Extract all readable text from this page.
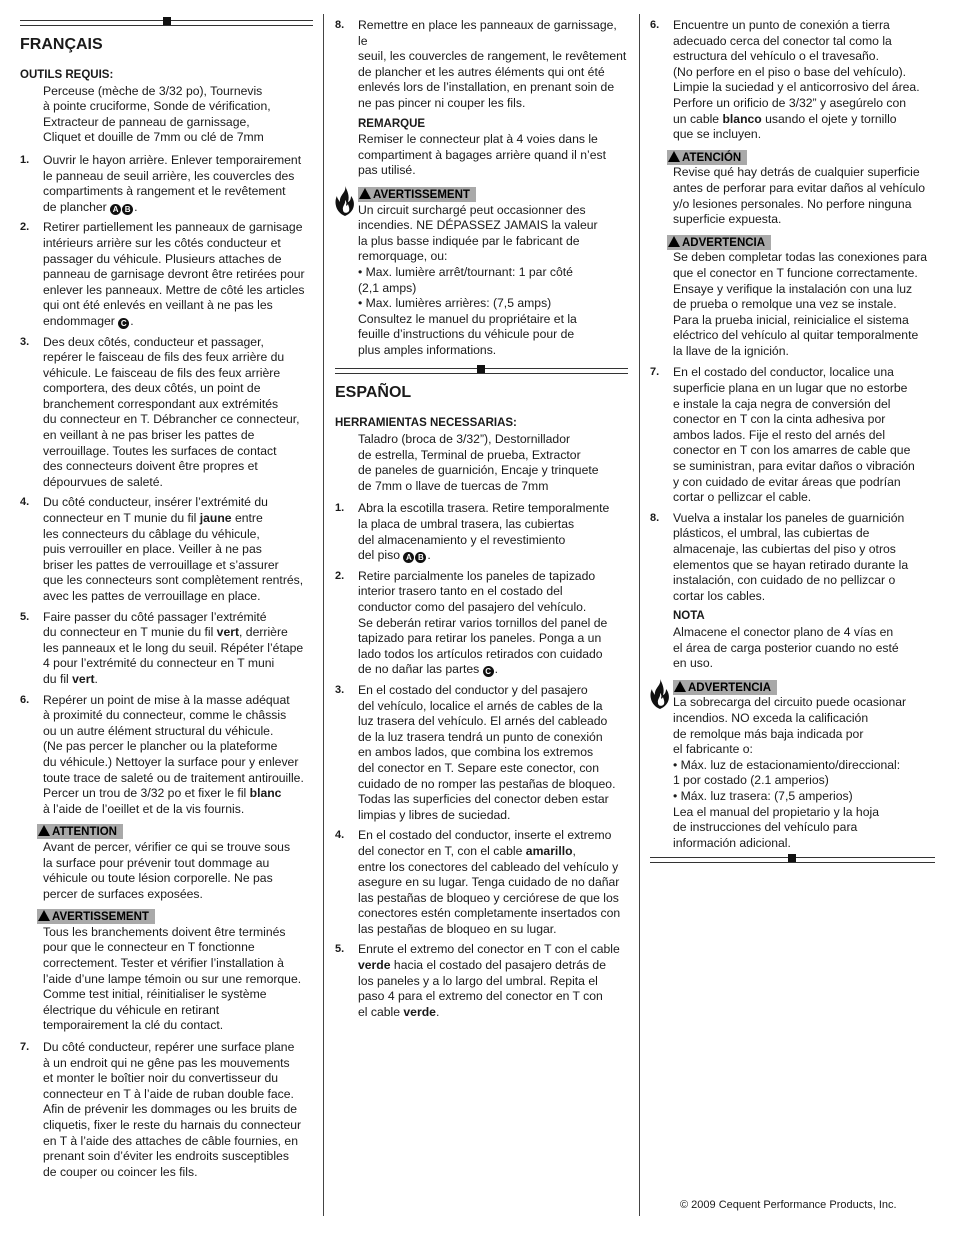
FRANÇAIS
OUTILS REQUIS:
Perceuse (mèche de 3/32 po), Tournevis
à pointe cruciforme, Sonde de vérification,
Extracteur de panneau de garnissage,
Cliquet et douille de 7mm ou clé de 7mm
1. Ouvrir le hayon arrière. Enlever temporairement
le panneau de seuil arrière, les couvercles des
compartiments à rangement et le revêtement
de plancher A B .
2. Retirer partiellement les panneaux de garnisage
intérieurs arrière sur les côtés conducteur et
passager du véhicule. Plusieurs attaches de
panneau de garnisage devront être retirées pour
enlever les panneaux. Mettre de côté les articles
qui ont été enlevés en veillant à ne pas les
endommager C .
3. Des deux côtés, conducteur et passager,
repérer le faisceau de fils des feux arrière du
véhicule. Le faisceau de fils des feux arrière
comportera, des deux côtés, un point de
branchement correspondant aux extrémités
du connecteur en T. Débrancher ce connecteur,
en veillant à ne pas briser les pattes de
verrouillage. Toutes les surfaces de contact
des connecteurs doivent être propres et
dépourvues de saleté.
4. Du côté conducteur, insérer l’extrémité du
connecteur en T munie du fil jaune entre
les connecteurs du câblage du véhicule,
puis verrouiller en place. Veiller à ne pas
briser les pattes de verrouillage et s’assurer
que les connecteurs sont complètement rentrés,
avec les pattes de verrouillage en place.
5. Faire passer du côté passager l’extrémité
du connecteur en T munie du fil vert, derrière
les panneaux et le long du seuil. Répéter l’étape
4 pour l’extrémité du connecteur en T muni
du fil vert.
6. Repérer un point de mise à la masse adéquat
à proximité du connecteur, comme le châssis
ou un autre élément structural du véhicule.
(Ne pas percer le plancher ou la plateforme
du véhicule.) Nettoyer la surface pour y enlever
toute trace de saleté ou de traitement antirouille.
Percer un trou de 3/32 po et fixer le fil blanc
à l’aide de l’oeillet et de la vis fournis.
ATTENTION
Avant de percer, vérifier ce qui se trouve sous
la surface pour prévenir tout dommage au
véhicule ou toute lésion corporelle. Ne pas
percer de surfaces exposées.
AVERTISSEMENT
Tous les branchements doivent être terminés
pour que le connecteur en T fonctionne
correctement. Tester et vérifier l’installation à
l’aide d’une lampe témoin ou sur une remorque.
Comme test initial, réinitialiser le système
électrique du véhicule en retirant
temporairement la clé du contact.
7. Du côté conducteur, repérer une surface plane
à un endroit qui ne gêne pas les mouvements
et monter le boîtier noir du convertisseur du
connecteur en T à l’aide de ruban double face.
Afin de prévenir les dommages ou les bruits de
cliquetis, fixer le reste du harnais du connecteur
en T à l’aide des attaches de câble fournies, en
prenant soin d’éviter les endroits susceptibles
de couper ou coincer les fils.
8. Remettre en place les panneaux de garnissage, le
seuil, les couvercles de rangement, le revêtement
de plancher et les autres éléments qui ont été
enlevés lors de l’installation, en prenant soin de
ne pas pincer ni couper les fils.
REMARQUE
Remiser le connecteur plat à 4 voies dans le
compartiment à bagages arrière quand il n’est
pas utilisé.
AVERTISSEMENT
Un circuit surchargé peut occasionner des
incendies. NE DÉPASSEZ JAMAIS la valeur
la plus basse indiquée par le fabricant de
remorquage, ou:
• Max. lumière arrêt/tournant: 1 par côté
(2,1 amps)
• Max. lumières arrières: (7,5 amps)
Consultez le manuel du propriétaire et la
feuille d’instructions du véhicule pour de
plus amples informations.
ESPAÑOL
HERRAMIENTAS NECESSARIAS:
Taladro (broca de 3/32”), Destornillador
de estrella, Terminal de prueba, Extractor
de paneles de guarnición, Encaje y trinquete
de 7mm o llave de tuercas de 7mm
1. Abra la escotilla trasera. Retire temporalmente
la placa de umbral trasera, las cubiertas
del almacenamiento y el revestimiento
del piso A B .
2. Retire parcialmente los paneles de tapizado
interior trasero tanto en el costado del
conductor como del pasajero del vehículo.
Se deberán retirar varios tornillos del panel de
tapizado para retirar los paneles. Ponga a un
lado todos los artículos retirados con cuidado
de no dañar las partes C .
3. En el costado del conductor y del pasajero
del vehículo, localice el arnés de cables de la
luz trasera del vehículo. El arnés del cableado
de la luz trasera tendrá un punto de conexión
en ambos lados, que combina los extremos
del conector en T. Separe este conector, con
cuidado de no romper las pestañas de bloqueo.
Todas las superficies del conector deben estar
limpias y libres de suciedad.
4. En el costado del conductor, inserte el extremo
del conector en T, con el cable amarillo,
entre los conectores del cableado del vehículo y
asegure en su lugar. Tenga cuidado de no dañar
las pestañas de bloqueo y cerciórese de que los
conectores estén completamente insertados con
las pestañas de bloqueo en su lugar.
5. Enrute el extremo del conector en T con el cable
verde hacia el costado del pasajero detrás de
los paneles y a lo largo del umbral. Repita el
paso 4 para el extremo del conector en T con
el cable verde.
6. Encuentre un punto de conexión a tierra
adecuado cerca del conector tal como la
estructura del vehículo o el travesaño.
(No perfore en el piso o base del vehículo).
Limpie la suciedad y el anticorrosivo del área.
Perfore un orificio de 3/32” y asegúrelo con
un cable blanco usando el ojete y tornillo
que se incluyen.
ATENCIÓN
Revise qué hay detrás de cualquier superficie
antes de perforar para evitar daños al vehículo
y/o lesiones personales. No perfore ninguna
superficie expuesta.
ADVERTENCIA
Se deben completar todas las conexiones para
que el conector en T funcione correctamente.
Ensaye y verifique la instalación con una luz
de prueba o remolque una vez se instale.
Para la prueba inicial, reinicialice el sistema
eléctrico del vehículo al quitar temporalmente
la llave de la ignición.
7. En el costado del conductor, localice una
superficie plana en un lugar que no estorbe
e instale la caja negra de conversión del
conector en T con la cinta adhesiva por
ambos lados. Fije el resto del arnés del
conector en T con los amarres de cable que
se suministran, para evitar daños o vibración
y con cuidado de evitar áreas que podrían
cortar o pellizcar el cable.
8. Vuelva a instalar los paneles de guarnición
plásticos, el umbral, las cubiertas de
almacenaje, las cubiertas del piso y otros
elementos que se hayan retirado durante la
instalación, con cuidado de no pellizcar o
cortar los cables.
NOTA
Almacene el conector plano de 4 vías en
el área de carga posterior cuando no esté
en uso.
ADVERTENCIA
La sobrecarga del circuito puede ocasionar
incendios. NO exceda la calificación
de remolque más baja indicada por
el fabricante o:
• Máx. luz de estacionamiento/direccional:
1 por costado (2.1 amperios)
• Máx. luz trasera: (7,5 amperios)
Lea el manual del propietario y la hoja
de instrucciones del vehículo para
información adicional.
© 2009 Cequent Performance Products, Inc.
